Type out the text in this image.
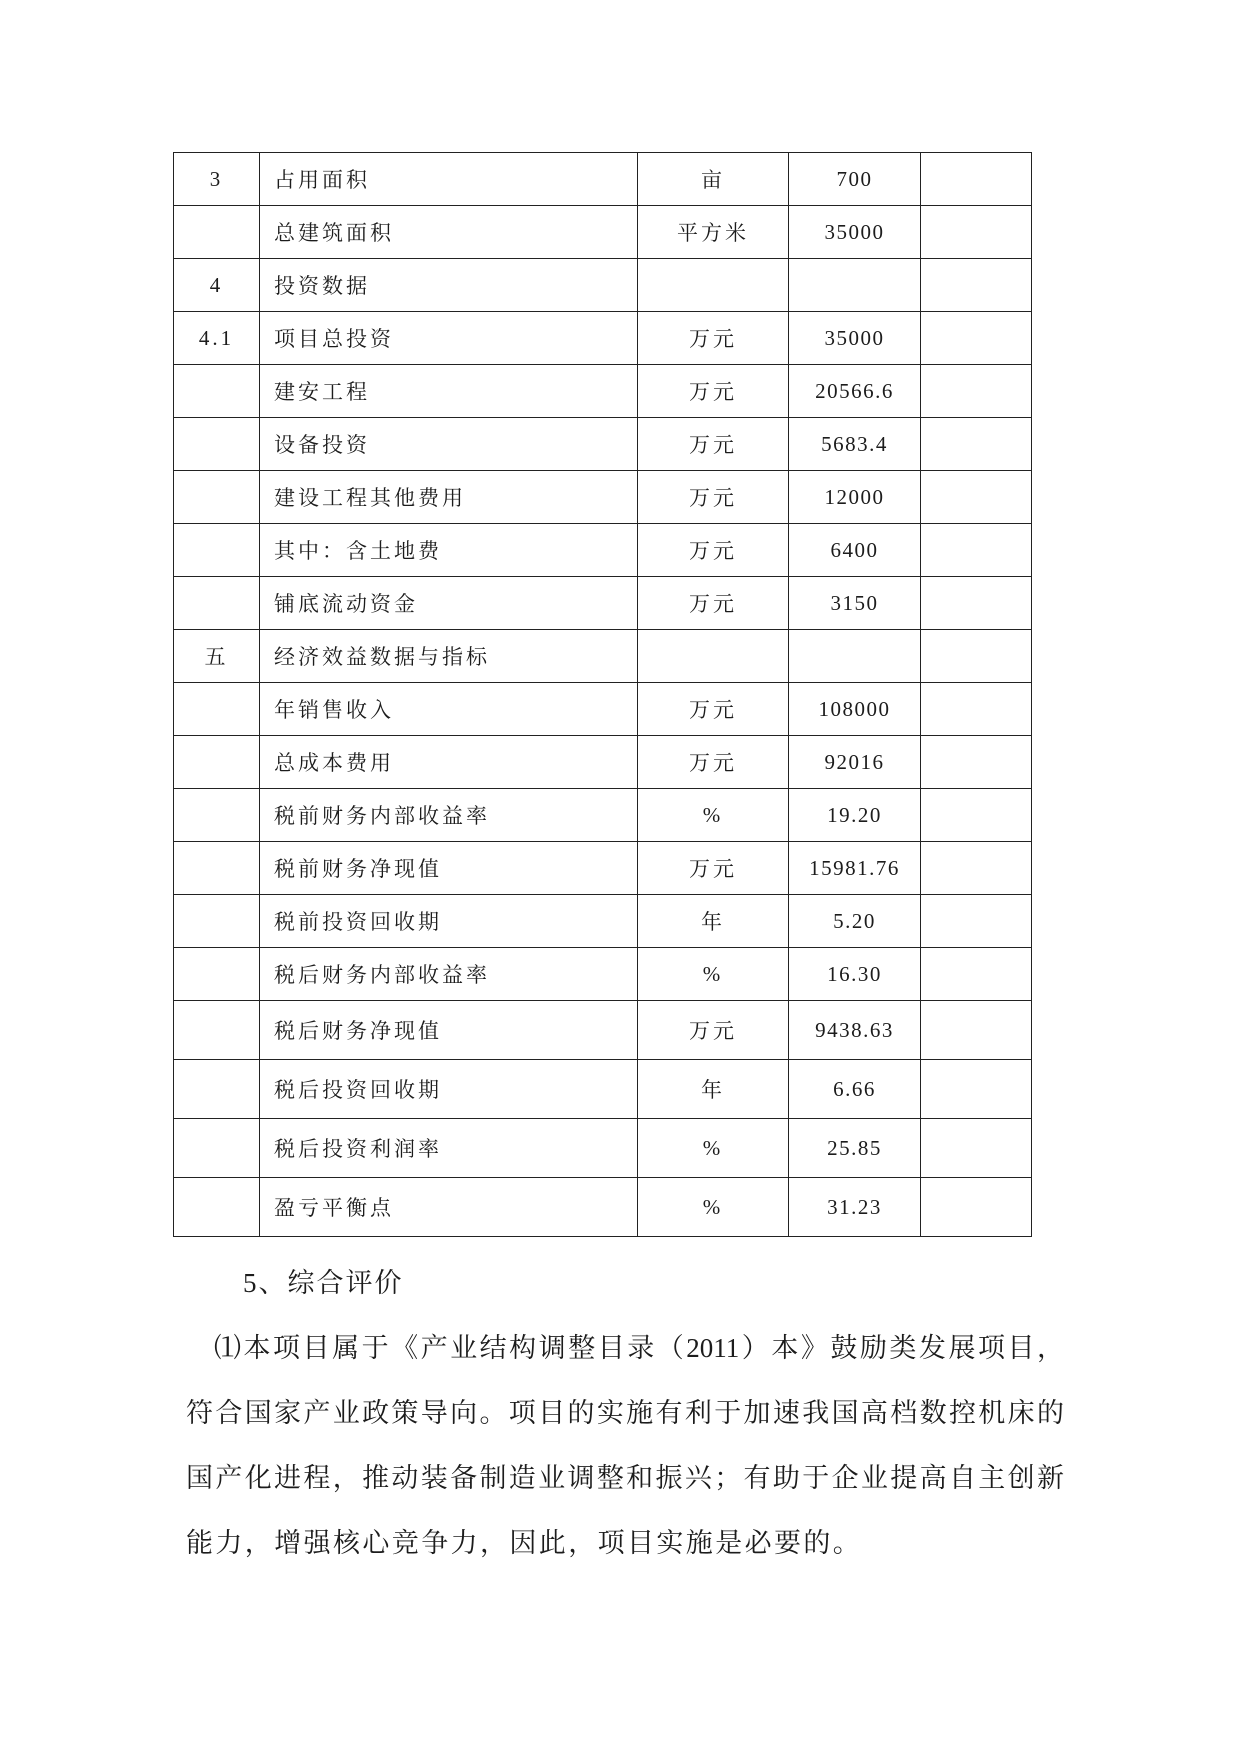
3	占用面积	亩	700	
	总建筑面积	平方米	35000	
4	投资数据			
4.1	项目总投资	万元	35000	
	建安工程	万元	20566.6	
	设备投资	万元	5683.4	
	建设工程其他费用	万元	12000	
	其中：含土地费	万元	6400	
	铺底流动资金	万元	3150	
五	经济效益数据与指标			
	年销售收入	万元	108000	
	总成本费用	万元	92016	
	税前财务内部收益率	%	19.20	
	税前财务净现值	万元	15981.76	
	税前投资回收期	年	5.20	
	税后财务内部收益率	%	16.30	
	税后财务净现值	万元	9438.63	
	税后投资回收期	年	6.66	
	税后投资利润率	%	25.85	
	盈亏平衡点	%	31.23	
5、综合评价
⑴本项目属于《产业结构调整目录（2011）本》鼓励类发展项目，
符合国家产业政策导向。项目的实施有利于加速我国高档数控机床的
国产化进程，推动装备制造业调整和振兴；有助于企业提高自主创新
能力，增强核心竞争力，因此，项目实施是必要的。
